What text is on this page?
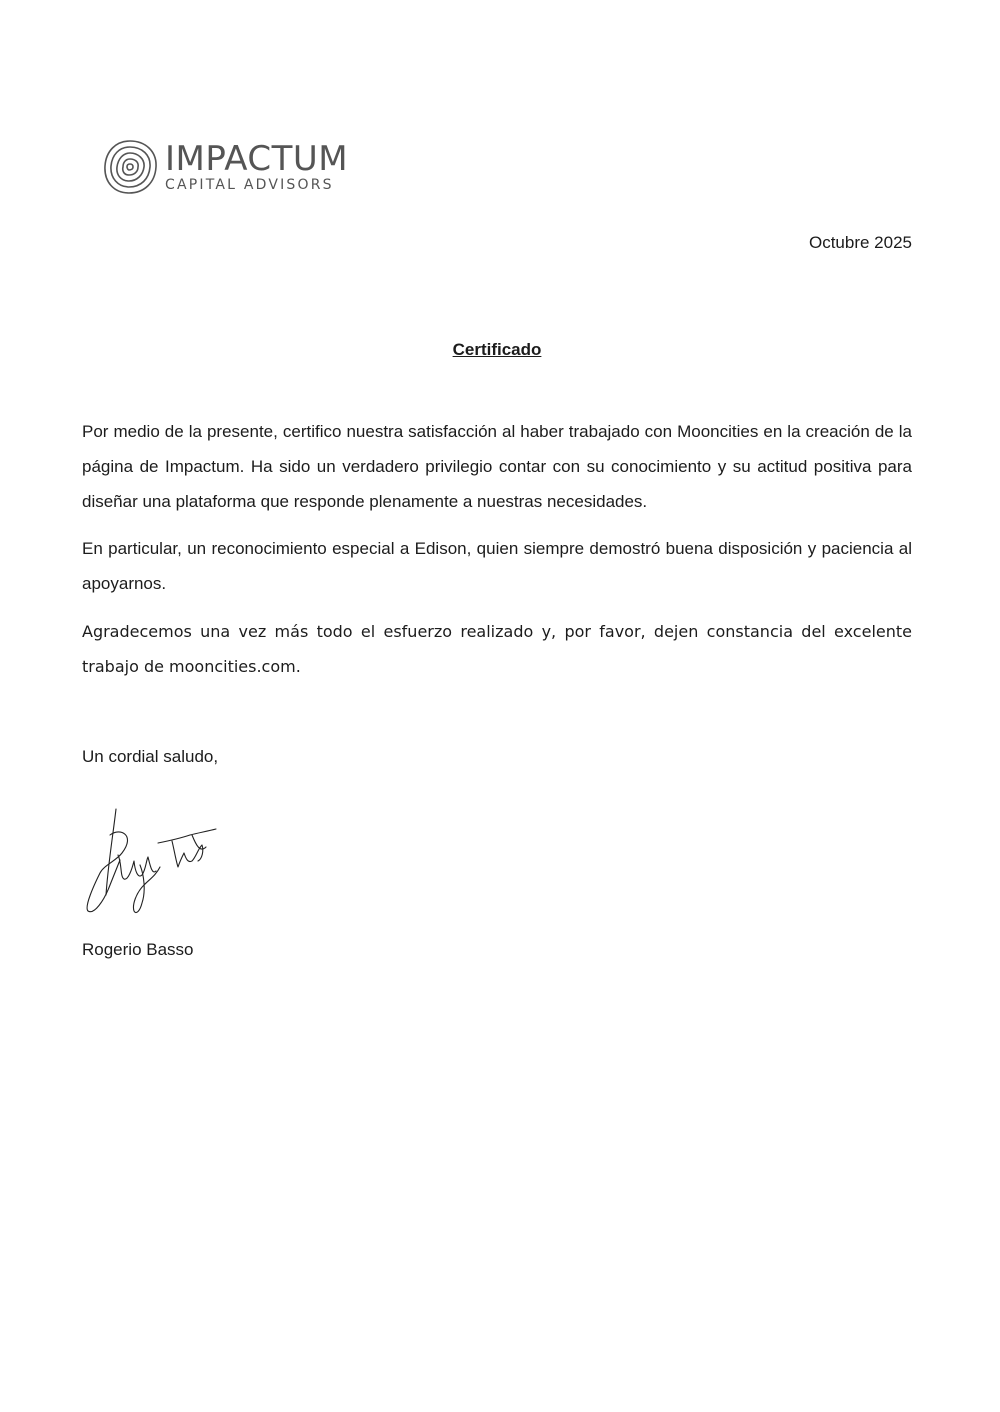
IMPACTUM
CAPITAL ADVISORS
Octubre 2025
Certificado

Por medio de la presente, certifico nuestra satisfacción al haber trabajado con Mooncities en la creación de la página de Impactum. Ha sido un verdadero privilegio contar con su conocimiento y su actitud positiva para diseñar una plataforma que responde plenamente a nuestras necesidades.

En particular, un reconocimiento especial a Edison, quien siempre demostró buena disposición y paciencia al apoyarnos.

Agradecemos una vez más todo el esfuerzo realizado y, por favor, dejen constancia del excelente trabajo de mooncities.com.

Un cordial saludo,
Rogerio Basso
